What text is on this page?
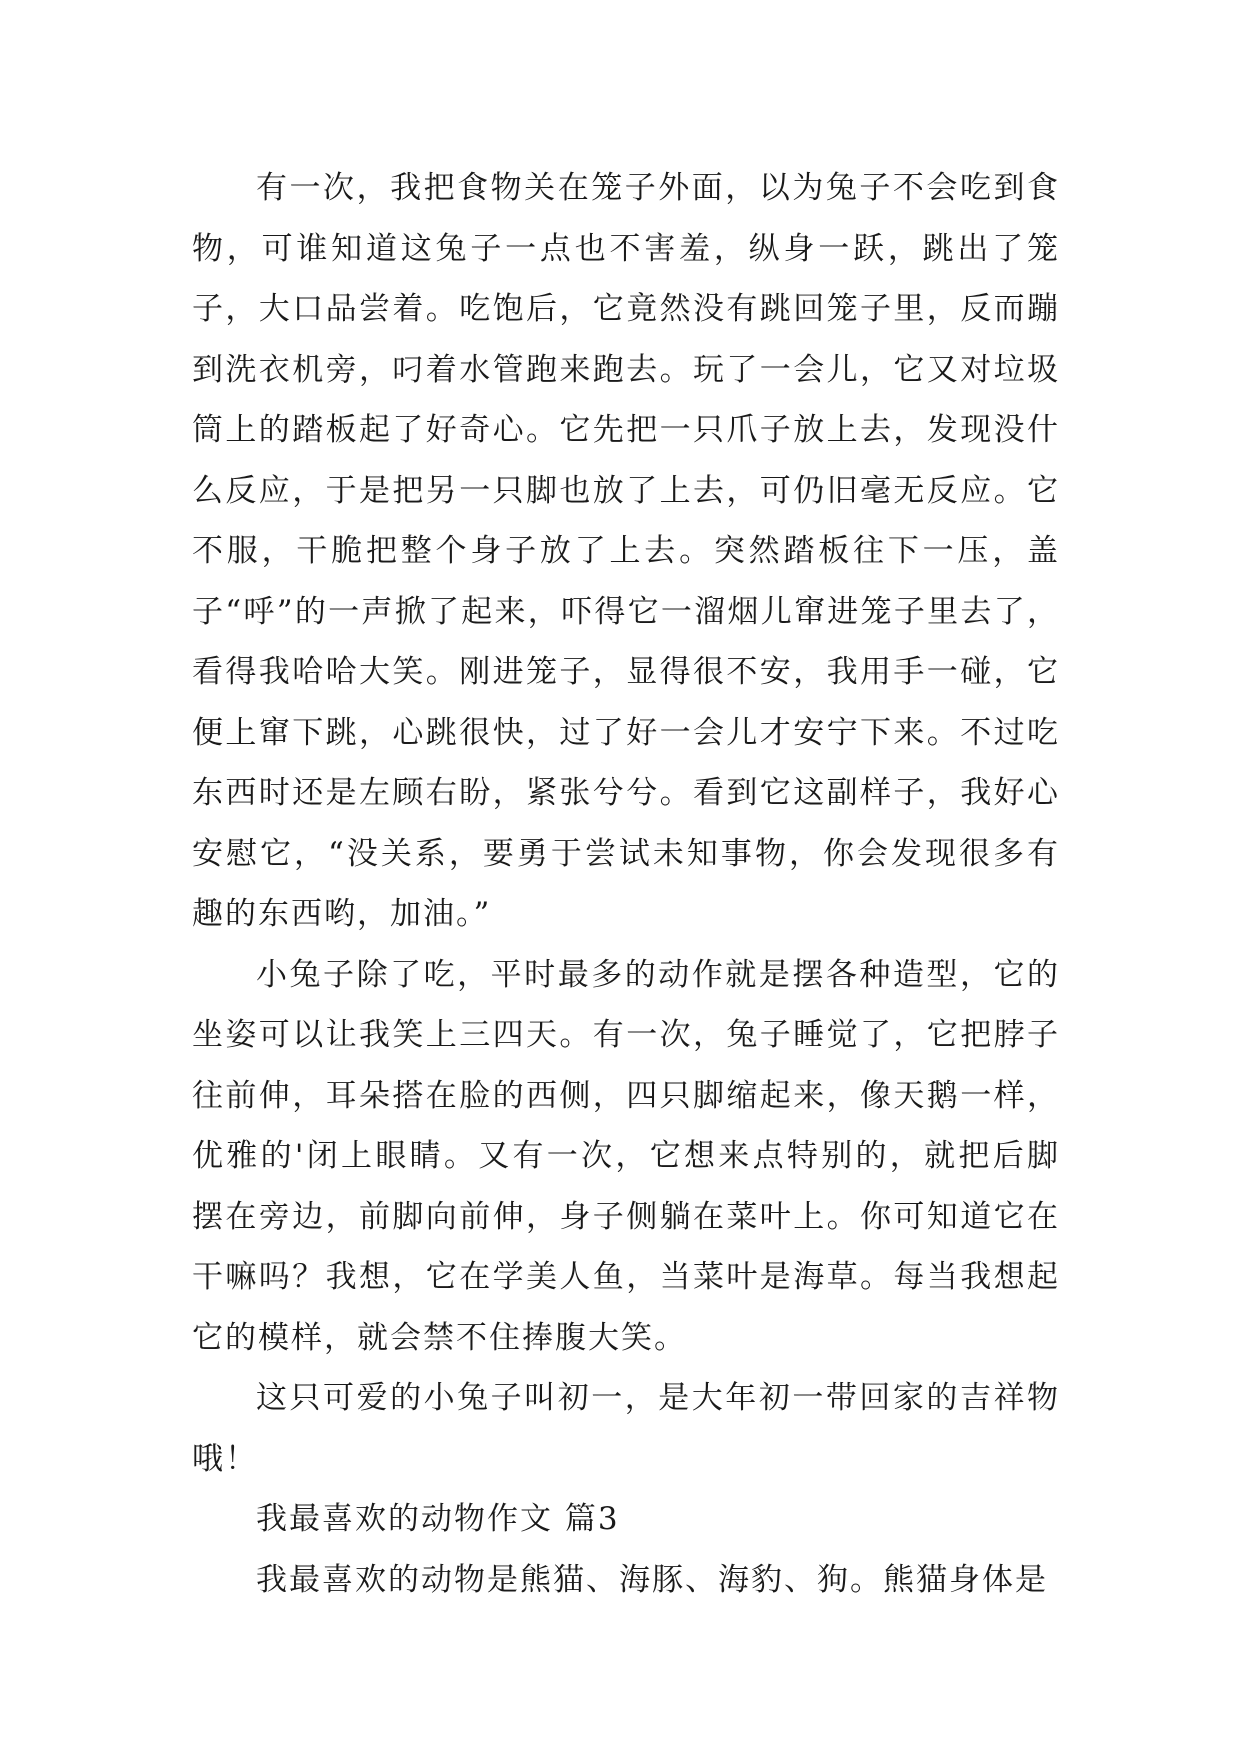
有一次，我把食物关在笼子外面，以为兔子不会吃到食物，可谁知道这兔子一点也不害羞，纵身一跃，跳出了笼子，大口品尝着。吃饱后，它竟然没有跳回笼子里，反而蹦到洗衣机旁，叼着水管跑来跑去。玩了一会儿，它又对垃圾筒上的踏板起了好奇心。它先把一只爪子放上去，发现没什么反应，于是把另一只脚也放了上去，可仍旧毫无反应。它不服，干脆把整个身子放了上去。突然踏板往下一压，盖子“呼”的一声掀了起来，吓得它一溜烟儿窜进笼子里去了，看得我哈哈大笑。刚进笼子，显得很不安，我用手一碰，它便上窜下跳，心跳很快，过了好一会儿才安宁下来。不过吃东西时还是左顾右盼，紧张兮兮。看到它这副样子，我好心安慰它，“没关系，要勇于尝试未知事物，你会发现很多有趣的东西哟，加油。”

小兔子除了吃，平时最多的动作就是摆各种造型，它的坐姿可以让我笑上三四天。有一次，兔子睡觉了，它把脖子往前伸，耳朵搭在脸的西侧，四只脚缩起来，像天鹅一样，优雅的'闭上眼睛。又有一次，它想来点特别的，就把后脚摆在旁边，前脚向前伸，身子侧躺在菜叶上。你可知道它在干嘛吗？我想，它在学美人鱼，当菜叶是海草。每当我想起它的模样，就会禁不住捧腹大笑。

这只可爱的小兔子叫初一，是大年初一带回家的吉祥物哦！

我最喜欢的动物作文 篇3

我最喜欢的动物是熊猫、海豚、海豹、狗。熊猫身体是
